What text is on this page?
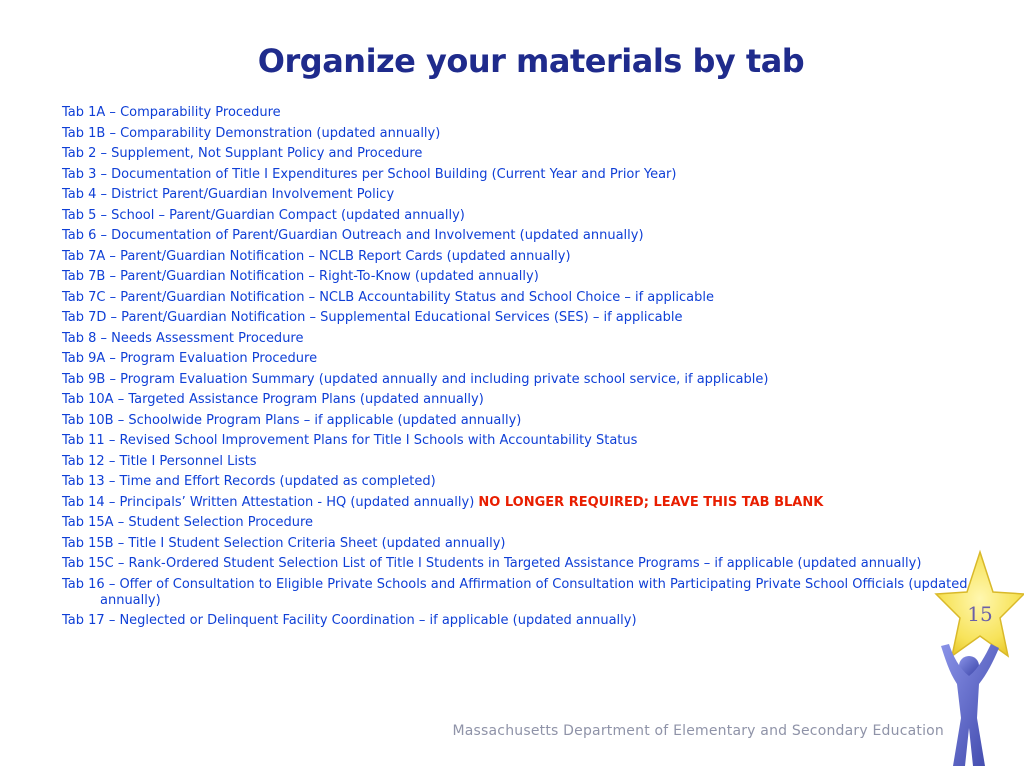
Organize your materials by tab
Tab 1A – Comparability Procedure
Tab 1B – Comparability Demonstration (updated annually)
Tab 2 – Supplement, Not Supplant Policy and Procedure
Tab 3 – Documentation of Title I Expenditures per School Building (Current Year and Prior Year)
Tab 4 – District Parent/Guardian Involvement Policy
Tab 5 – School – Parent/Guardian Compact (updated annually)
Tab 6 – Documentation of Parent/Guardian Outreach and Involvement (updated annually)
Tab 7A – Parent/Guardian Notification – NCLB Report Cards (updated annually)
Tab 7B – Parent/Guardian Notification – Right-To-Know (updated annually)
Tab 7C – Parent/Guardian Notification – NCLB Accountability Status and School Choice – if applicable
Tab 7D – Parent/Guardian Notification – Supplemental Educational Services (SES) – if applicable
Tab 8 – Needs Assessment Procedure
Tab 9A – Program Evaluation Procedure
Tab 9B – Program Evaluation Summary (updated annually and including private school service, if applicable)
Tab 10A – Targeted Assistance Program Plans (updated annually)
Tab 10B – Schoolwide Program Plans – if applicable (updated annually)
Tab 11 – Revised School Improvement Plans for Title I Schools with Accountability Status
Tab 12 – Title I Personnel Lists
Tab 13 – Time and Effort Records (updated as completed)
Tab 14 – Principals’ Written Attestation - HQ (updated annually) NO LONGER REQUIRED; LEAVE THIS TAB BLANK
Tab 15A – Student Selection Procedure
Tab 15B – Title I Student Selection Criteria Sheet (updated annually)
Tab 15C – Rank-Ordered Student Selection List of Title I Students in Targeted Assistance Programs – if applicable (updated annually)
Tab 16 – Offer of Consultation to Eligible Private Schools and Affirmation of Consultation with Participating Private School Officials (updated annually)
Tab 17 – Neglected or Delinquent Facility Coordination – if applicable (updated annually)	15
Massachusetts Department of Elementary and Secondary Education
